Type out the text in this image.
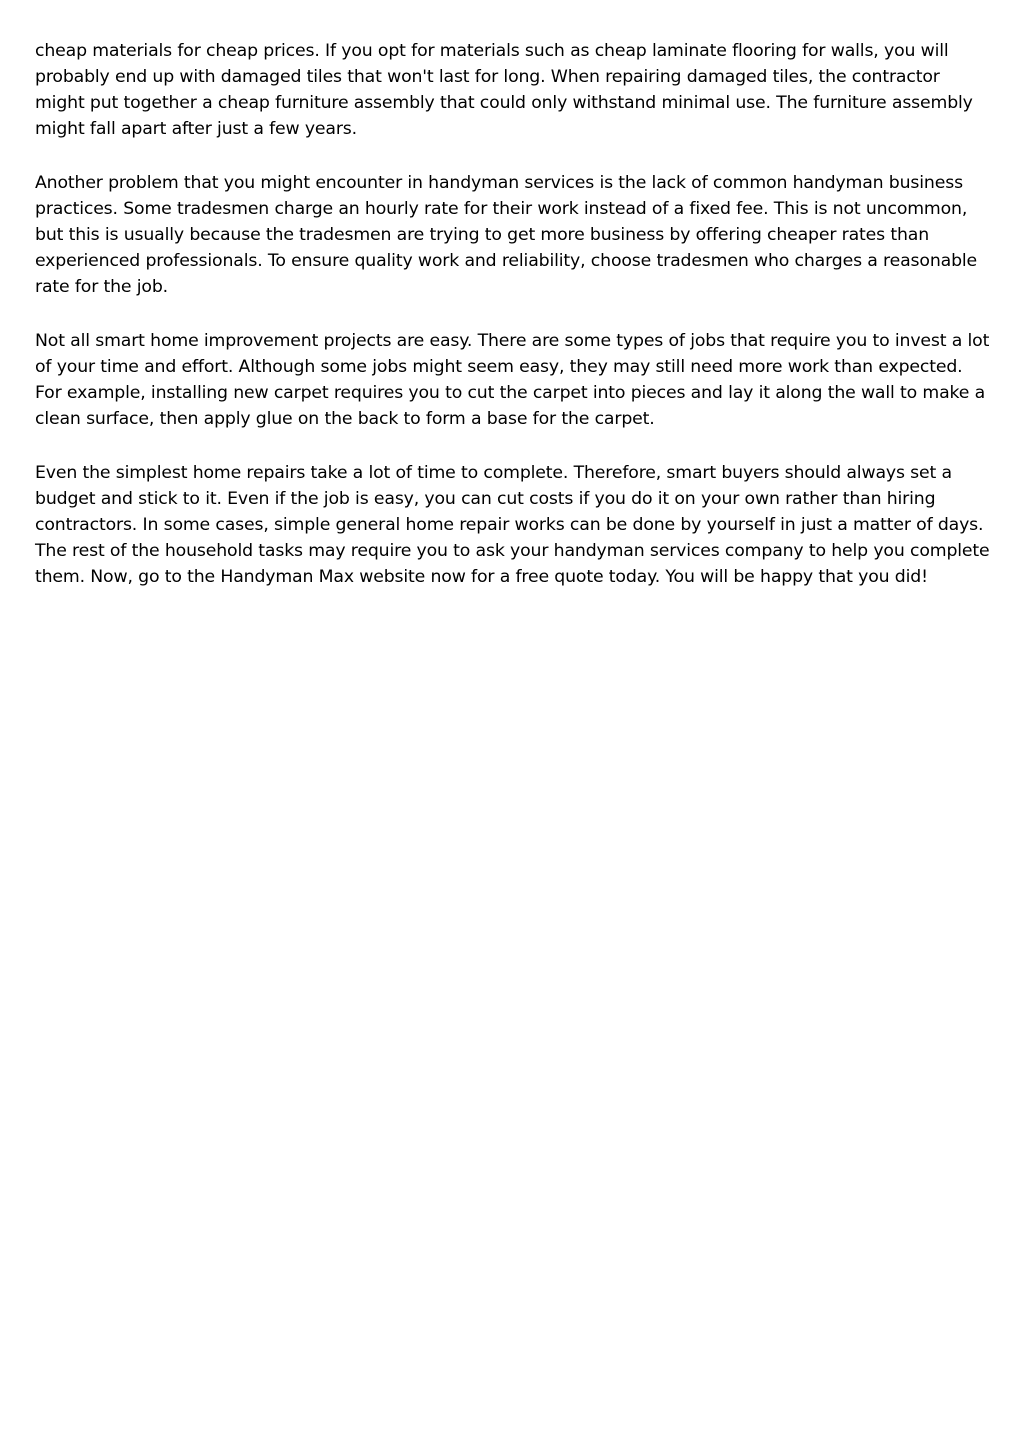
cheap materials for cheap prices. If you opt for materials such as cheap laminate flooring for walls, you will probably end up with damaged tiles that won't last for long. When repairing damaged tiles, the contractor might put together a cheap furniture assembly that could only withstand minimal use. The furniture assembly might fall apart after just a few years.

Another problem that you might encounter in handyman services is the lack of common handyman business practices. Some tradesmen charge an hourly rate for their work instead of a fixed fee. This is not uncommon, but this is usually because the tradesmen are trying to get more business by offering cheaper rates than experienced professionals. To ensure quality work and reliability, choose tradesmen who charges a reasonable rate for the job.

Not all smart home improvement projects are easy. There are some types of jobs that require you to invest a lot of your time and effort. Although some jobs might seem easy, they may still need more work than expected. For example, installing new carpet requires you to cut the carpet into pieces and lay it along the wall to make a clean surface, then apply glue on the back to form a base for the carpet.

Even the simplest home repairs take a lot of time to complete. Therefore, smart buyers should always set a budget and stick to it. Even if the job is easy, you can cut costs if you do it on your own rather than hiring contractors. In some cases, simple general home repair works can be done by yourself in just a matter of days. The rest of the household tasks may require you to ask your handyman services company to help you complete them. Now, go to the Handyman Max website now for a free quote today. You will be happy that you did!
